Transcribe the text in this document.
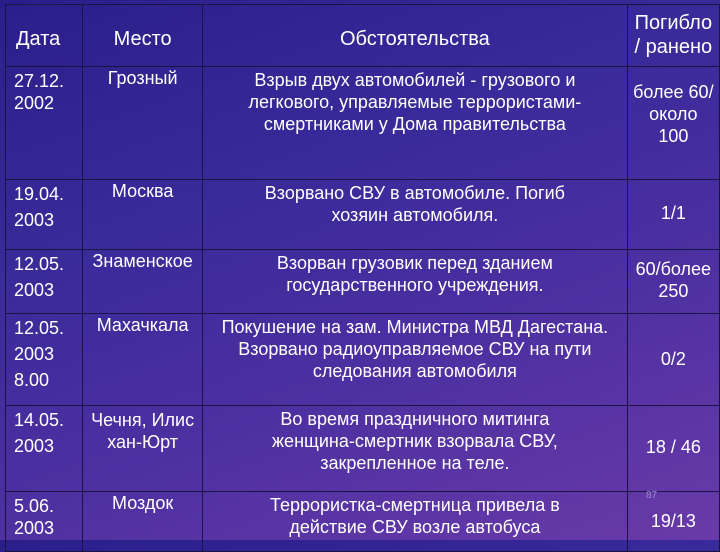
Дата	Место	Обстоятельства	Погибло
/ ранено

27.12.
2002	Грозный	Взрыв двух автомобилей - грузового и легкового, управляемые террористами-смертниками у Дома правительства	более 60/около 100

19.04.
2003	Москва	Взорвано СВУ в автомобиле. Погиб хозяин автомобиля.	1/1

12.05.
2003	Знаменское	Взорван грузовик перед зданием государственного учреждения.	60/более 250

12.05.
2003
8.00	Махачкала	Покушение на зам. Министра МВД Дагестана. Взорвано радиоуправляемое СВУ на пути следования автомобиля	0/2

14.05.
2003	Чечня, Илисхан-Юрт	Во время праздничного митинга женщина-смертник взорвала СВУ, закрепленное на теле.	18 / 46

5.06.
2003	Моздок	Террористка-смертница привела в действие СВУ возле автобуса	19/13
87
